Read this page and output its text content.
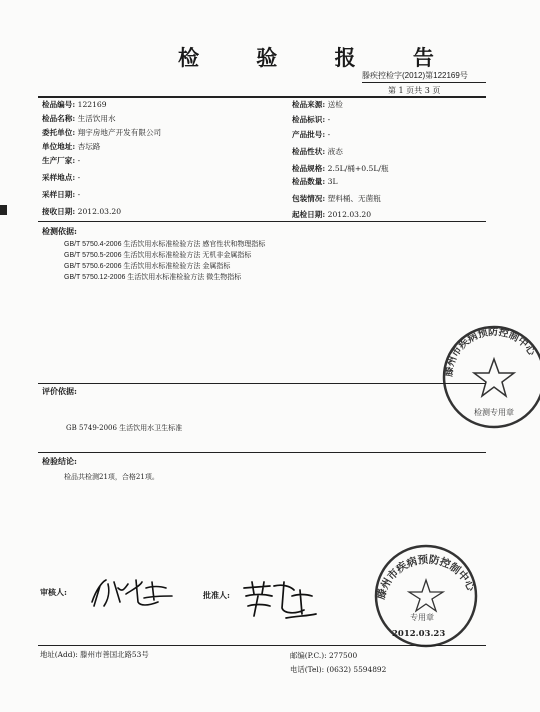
检 验 报 告
滕疾控检字(2012)第122169号
第 1 页共 3 页
检品编号: 122169
检品名称: 生活饮用水
委托单位: 翔宇房地产开发有限公司
单位地址: 杏坛路
生产厂家: -
采样地点: -
采样日期: -
接收日期: 2012.03.20
检品来源: 送检
检品标识: -
产品批号: -
检品性状: 液态
检品规格: 2.5L/桶+0.5L/瓶
检品数量: 3L
包装情况: 塑料桶、无菌瓶
起检日期: 2012.03.20
检测依据:
GB/T 5750.4-2006 生活饮用水标准检验方法 感官性状和物理指标
GB/T 5750.5-2006 生活饮用水标准检验方法 无机非金属指标
GB/T 5750.6-2006 生活饮用水标准检验方法 金属指标
GB/T 5750.12-2006 生活饮用水标准检验方法 微生物指标
滕州市疾病预防控制中心
检测专用章
评价依据:
GB 5749-2006 生活饮用水卫生标准
检验结论:
检品共检测21项，合格21项。
审核人:	批准人:	滕州市疾病预防控制中心
专用章
2012.03.23
地址(Add): 滕州市善国北路53号	邮编(P.C.): 277500
电话(Tel): (0632) 5594892
